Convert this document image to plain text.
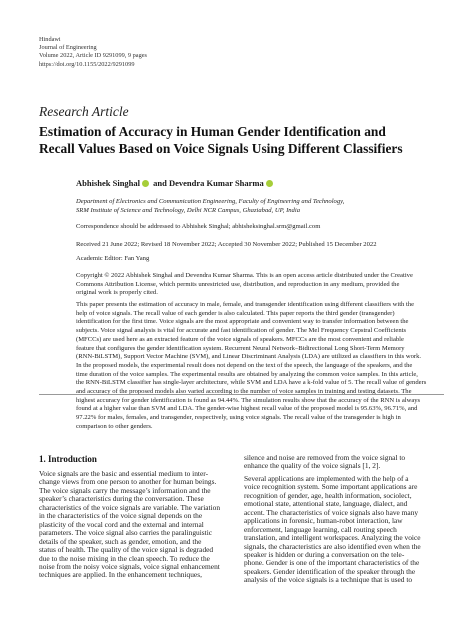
Hindawi
Journal of Engineering
Volume 2022, Article ID 9291099, 9 pages
https://doi.org/10.1155/2022/9291099
Research Article
Estimation of Accuracy in Human Gender Identification and
Recall Values Based on Voice Signals Using Different Classifiers
Abhishek Singhal and Devendra Kumar Sharma
Department of Electronics and Communication Engineering, Faculty of Engineering and Technology,
SRM Institute of Science and Technology, Delhi NCR Campus, Ghaziabad, UP, India
Correspondence should be addressed to Abhishek Singhal; abhisheksinghal.srm@gmail.com
Received 21 June 2022; Revised 18 November 2022; Accepted 30 November 2022; Published 15 December 2022
Academic Editor: Fan Yang
Copyright © 2022 Abhishek Singhal and Devendra Kumar Sharma. This is an open access article distributed under the Creative
Commons Attribution License, which permits unrestricted use, distribution, and reproduction in any medium, provided the
original work is properly cited.
This paper presents the estimation of accuracy in male, female, and transgender identification using different classifiers with the
help of voice signals. The recall value of each gender is also calculated. This paper reports the third gender (transgender)
identification for the first time. Voice signals are the most appropriate and convenient way to transfer information between the
subjects. Voice signal analysis is vital for accurate and fast identification of gender. The Mel Frequency Cepstral Coefficients
(MFCCs) are used here as an extracted feature of the voice signals of speakers. MFCCs are the most convenient and reliable
feature that configures the gender identification system. Recurrent Neural Network–Bidirectional Long Short-Term Memory
(RNN-BiLSTM), Support Vector Machine (SVM), and Linear Discriminant Analysis (LDA) are utilized as classifiers in this work.
In the proposed models, the experimental result does not depend on the text of the speech, the language of the speakers, and the
time duration of the voice samples. The experimental results are obtained by analyzing the common voice samples. In this article,
the RNN-BiLSTM classifier has single-layer architecture, while SVM and LDA have a k-fold value of 5. The recall value of genders
and accuracy of the proposed models also varied according to the number of voice samples in training and testing datasets. The
highest accuracy for gender identification is found as 94.44%. The simulation results show that the accuracy of the RNN is always
found at a higher value than SVM and LDA. The gender-wise highest recall value of the proposed model is 95.63%, 96.71%, and
97.22% for males, females, and transgender, respectively, using voice signals. The recall value of the transgender is high in
comparison to other genders.
1. Introduction
Voice signals are the basic and essential medium to inter-
change views from one person to another for human beings.
The voice signals carry the message’s information and the
speaker’s characteristics during the conversation. These
characteristics of the voice signals are variable. The variation
in the characteristics of the voice signal depends on the
plasticity of the vocal cord and the external and internal
parameters. The voice signal also carries the paralinguistic
details of the speaker, such as gender, emotion, and the
status of health. The quality of the voice signal is degraded
due to the noise mixing in the clean speech. To reduce the
noise from the noisy voice signals, voice signal enhancement
techniques are applied. In the enhancement techniques,
silence and noise are removed from the voice signal to
enhance the quality of the voice signals [1, 2].
Several applications are implemented with the help of a
voice recognition system. Some important applications are
recognition of gender, age, health information, sociolect,
emotional state, attentional state, language, dialect, and
accent. The characteristics of voice signals also have many
applications in forensic, human-robot interaction, law
enforcement, language learning, call routing speech
translation, and intelligent workspaces. Analyzing the voice
signals, the characteristics are also identified even when the
speaker is hidden or during a conversation on the tele-
phone. Gender is one of the important characteristics of the
speakers. Gender identification of the speaker through the
analysis of the voice signals is a technique that is used to
